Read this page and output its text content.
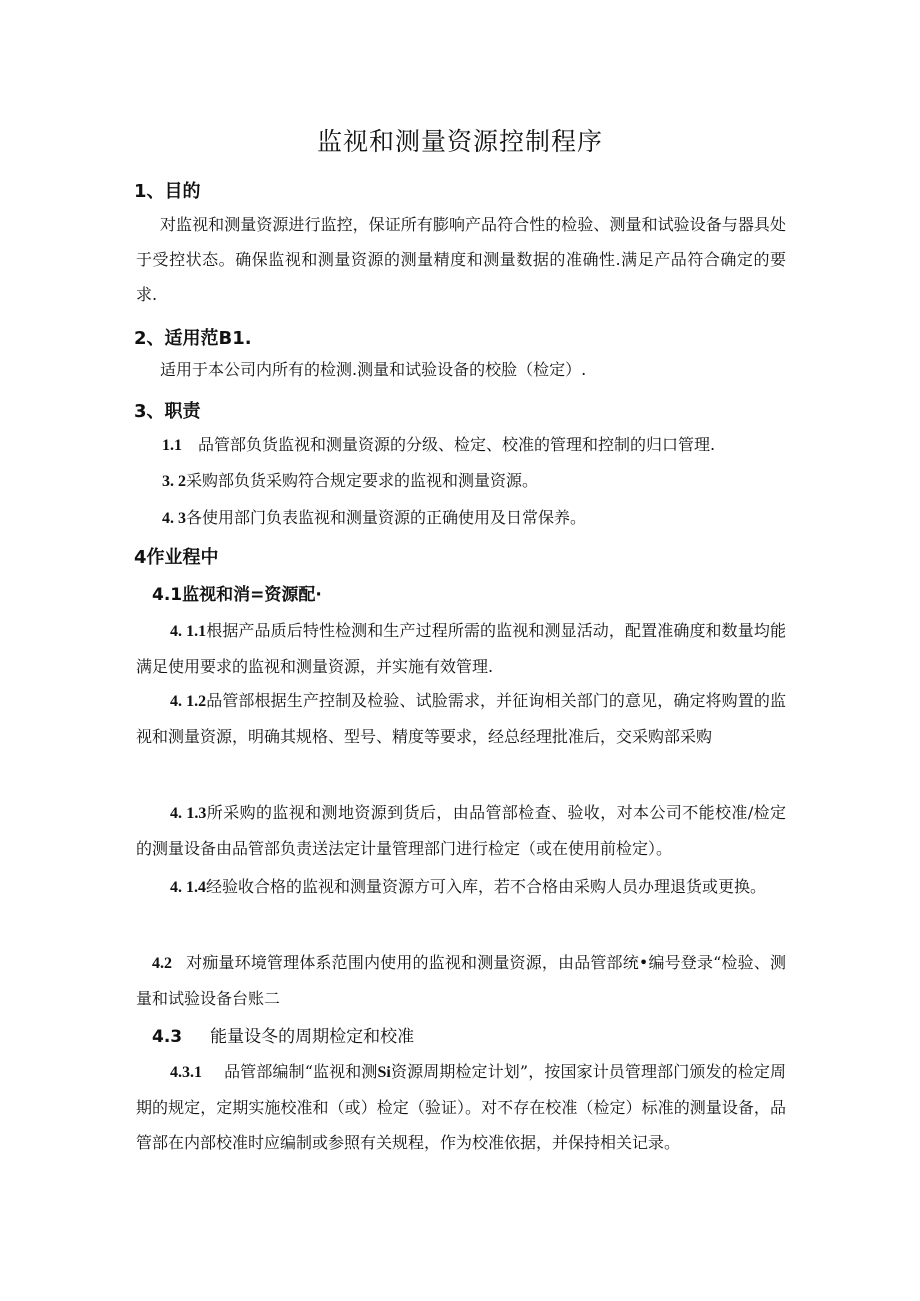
监视和测量资源控制程序
1、目的
对监视和测量资源进行监控，保证所有膨响产品符合性的检验、测量和试验设备与器具处于受控状态。确保监视和测量资源的测量精度和测量数据的准确性.满足产品符合确定的要求.
2、适用范B1.
适用于本公司内所有的检测.测量和试验设备的校脸（检定）.
3、职责
1.1 品管部负货监视和测量资源的分级、检定、校准的管理和控制的归口管理.
3. 2采购部负货采购符合规定要求的监视和测量资源。
4. 3各使用部门负表监视和测量资源的正确使用及日常保养。
4作业程中
4.1监视和消=资源配·
4. 1.1根据产品质后特性检测和生产过程所需的监视和测显活动，配置准确度和数量均能满足使用要求的监视和测量资源，并实施有效管理.
4. 1.2品管部根据生产控制及检验、试脸需求，并征询相关部门的意见，确定将购置的监视和测量资源，明确其规格、型号、精度等要求，经总经理批准后，交采购部采购
4. 1.3所采购的监视和测地资源到货后，由品管部检查、验收，对本公司不能校准/检定的测量设备由品管部负责送法定计量管理部门进行检定（或在使用前检定）。
4. 1.4经验收合格的监视和测量资源方可入库，若不合格由采购人员办理退货或更换。
4.2 对痂量环境管理体系范围内使用的监视和测量资源，由品管部统•编号登录“检验、测量和试验设备台账二
4.3 能量设冬的周期检定和校准
4.3.1 品管部编制“监视和测Si资源周期检定计划”，按国家计员管理部门颁发的检定周期的规定，定期实施校准和（或）检定（验证）。对不存在校准（检定）标准的测量设备，品管部在内部校准时应编制或参照有关规程，作为校准依据，并保持相关记录。
